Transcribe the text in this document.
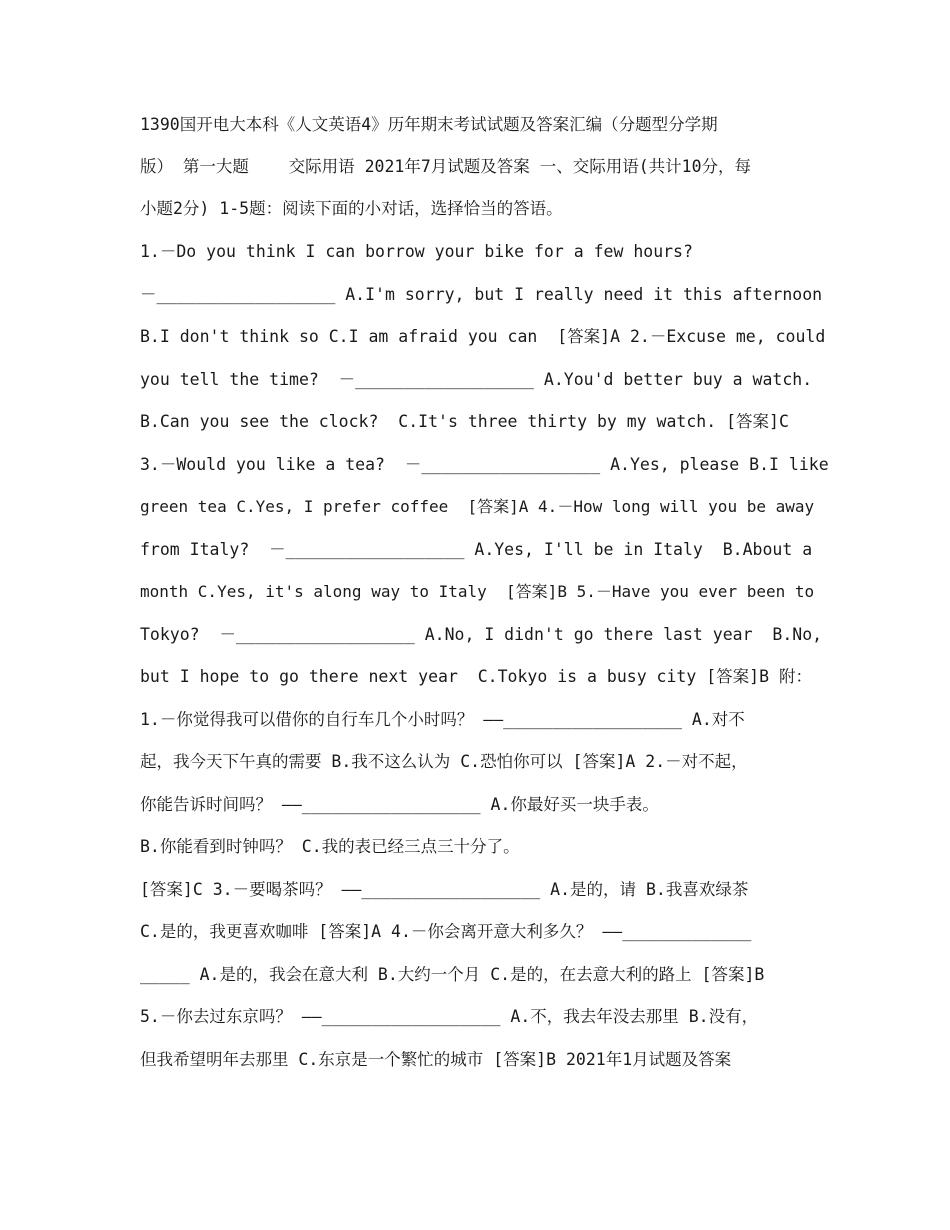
1390国开电大本科《人文英语4》历年期末考试试题及答案汇编（分题型分学期
版） 第一大题    交际用语 2021年7月试题及答案 一、交际用语(共计10分，每
小题2分) 1-5题：阅读下面的小对话，选择恰当的答语。
1.－Do you think I can borrow your bike for a few hours?
－__________________ A.I'm sorry, but I really need it this afternoon
B.I don't think so C.I am afraid you can  [答案]A 2.－Excuse me, could
you tell the time?  －__________________ A.You'd better buy a watch.
B.Can you see the clock?  C.It's three thirty by my watch. [答案]C
3.－Would you like a tea?  －__________________ A.Yes, please B.I like
green tea C.Yes, I prefer coffee  [答案]A 4.－How long will you be away
from Italy?  －__________________ A.Yes, I'll be in Italy  B.About a
month C.Yes, it's along way to Italy  [答案]B 5.－Have you ever been to
Tokyo?  －__________________ A.No, I didn't go there last year  B.No,
but I hope to go there next year  C.Tokyo is a busy city [答案]B 附：
1.－你觉得我可以借你的自行车几个小时吗？ ——__________________ A.对不
起，我今天下午真的需要 B.我不这么认为 C.恐怕你可以 [答案]A 2.－对不起，
你能告诉时间吗？ ——__________________ A.你最好买一块手表。
B.你能看到时钟吗？ C.我的表已经三点三十分了。
[答案]C 3.－要喝茶吗？ ——__________________ A.是的，请 B.我喜欢绿茶
C.是的，我更喜欢咖啡 [答案]A 4.－你会离开意大利多久？ ——_____________
_____ A.是的，我会在意大利 B.大约一个月 C.是的，在去意大利的路上 [答案]B
5.－你去过东京吗？ ——__________________ A.不，我去年没去那里 B.没有，
但我希望明年去那里 C.东京是一个繁忙的城市 [答案]B 2021年1月试题及答案
